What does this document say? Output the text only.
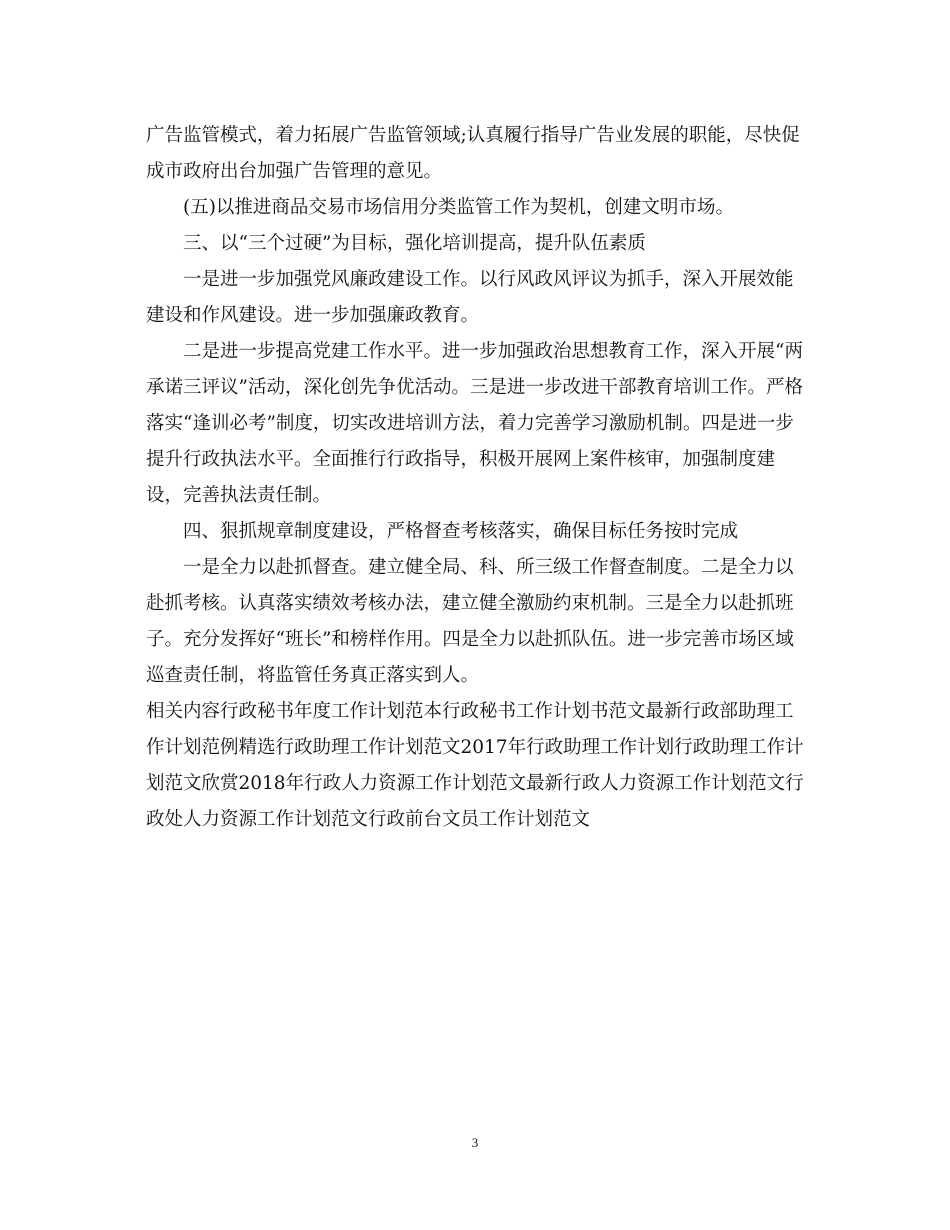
广告监管模式，着力拓展广告监管领域;认真履行指导广告业发展的职能，尽快促成市政府出台加强广告管理的意见。

(五)以推进商品交易市场信用分类监管工作为契机，创建文明市场。

三、以“三个过硬”为目标，强化培训提高，提升队伍素质

一是进一步加强党风廉政建设工作。以行风政风评议为抓手，深入开展效能建设和作风建设。进一步加强廉政教育。

二是进一步提高党建工作水平。进一步加强政治思想教育工作，深入开展“两承诺三评议”活动，深化创先争优活动。三是进一步改进干部教育培训工作。严格落实“逢训必考”制度，切实改进培训方法，着力完善学习激励机制。四是进一步提升行政执法水平。全面推行行政指导，积极开展网上案件核审，加强制度建设，完善执法责任制。

四、狠抓规章制度建设，严格督查考核落实，确保目标任务按时完成

一是全力以赴抓督查。建立健全局、科、所三级工作督查制度。二是全力以赴抓考核。认真落实绩效考核办法，建立健全激励约束机制。三是全力以赴抓班子。充分发挥好“班长”和榜样作用。四是全力以赴抓队伍。进一步完善市场区域巡查责任制，将监管任务真正落实到人。

相关内容行政秘书年度工作计划范本行政秘书工作计划书范文最新行政部助理工作计划范例精选行政助理工作计划范文2017年行政助理工作计划行政助理工作计划范文欣赏2018年行政人力资源工作计划范文最新行政人力资源工作计划范文行政处人力资源工作计划范文行政前台文员工作计划范文

3
